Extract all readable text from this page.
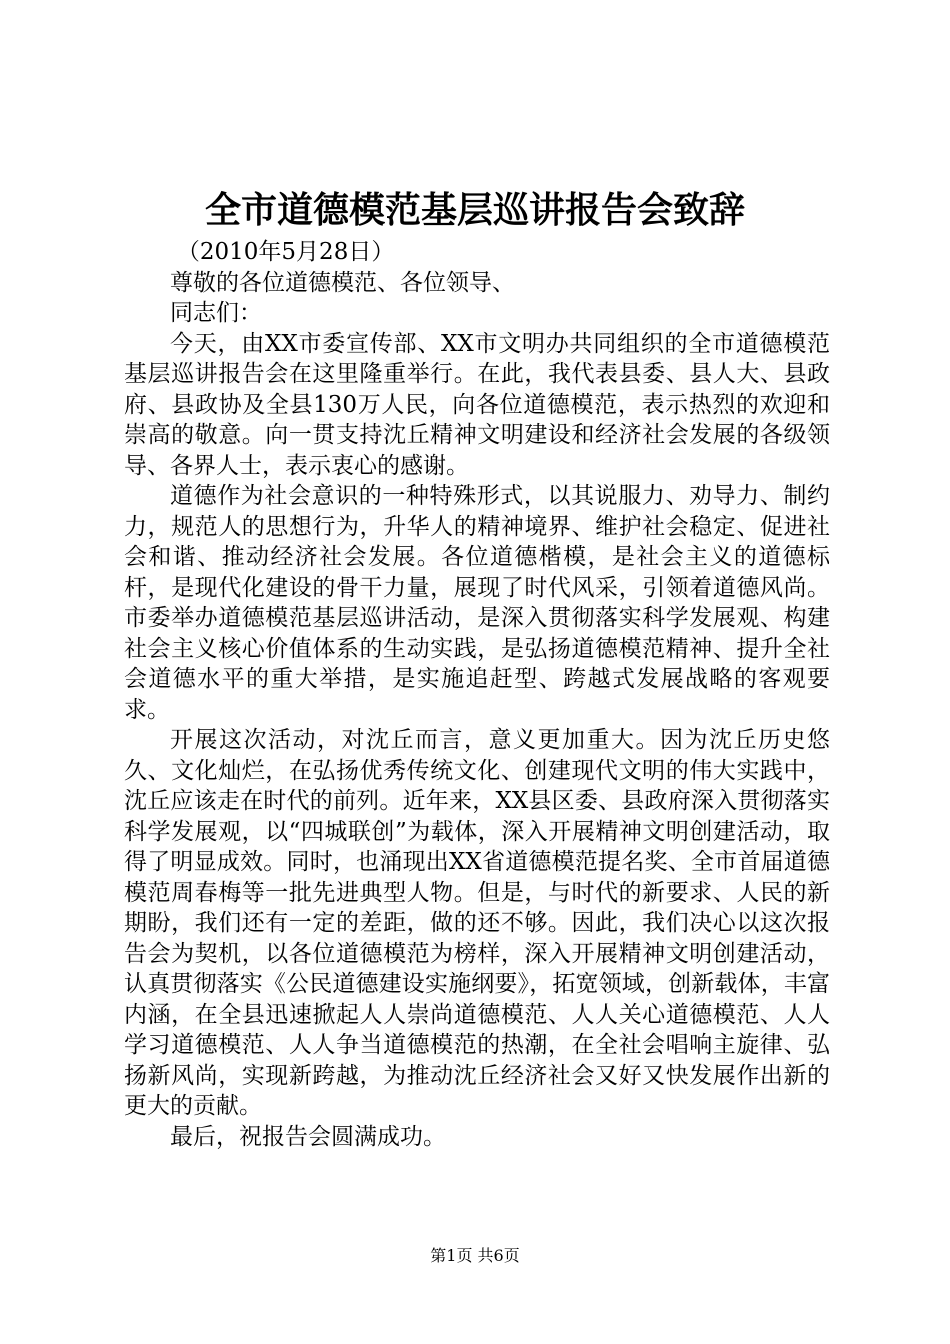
全市道德模范基层巡讲报告会致辞

（2010年5月28日）

尊敬的各位道德模范、各位领导、

同志们：

今天，由XX市委宣传部、XX市文明办共同组织的全市道德模范基层巡讲报告会在这里隆重举行。在此，我代表县委、县人大、县政府、县政协及全县130万人民，向各位道德模范，表示热烈的欢迎和崇高的敬意。向一贯支持沈丘精神文明建设和经济社会发展的各级领导、各界人士，表示衷心的感谢。

道德作为社会意识的一种特殊形式，以其说服力、劝导力、制约力，规范人的思想行为，升华人的精神境界、维护社会稳定、促进社会和谐、推动经济社会发展。各位道德楷模，是社会主义的道德标杆，是现代化建设的骨干力量，展现了时代风采，引领着道德风尚。市委举办道德模范基层巡讲活动，是深入贯彻落实科学发展观、构建社会主义核心价值体系的生动实践，是弘扬道德模范精神、提升全社会道德水平的重大举措，是实施追赶型、跨越式发展战略的客观要求。

开展这次活动，对沈丘而言，意义更加重大。因为沈丘历史悠久、文化灿烂，在弘扬优秀传统文化、创建现代文明的伟大实践中，沈丘应该走在时代的前列。近年来，XX县区委、县政府深入贯彻落实科学发展观，以“四城联创”为载体，深入开展精神文明创建活动，取得了明显成效。同时，也涌现出XX省道德模范提名奖、全市首届道德模范周春梅等一批先进典型人物。但是，与时代的新要求、人民的新期盼，我们还有一定的差距，做的还不够。因此，我们决心以这次报告会为契机，以各位道德模范为榜样，深入开展精神文明创建活动，认真贯彻落实《公民道德建设实施纲要》，拓宽领域，创新载体，丰富内涵，在全县迅速掀起人人崇尚道德模范、人人关心道德模范、人人学习道德模范、人人争当道德模范的热潮，在全社会唱响主旋律、弘扬新风尚，实现新跨越，为推动沈丘经济社会又好又快发展作出新的更大的贡献。

最后，祝报告会圆满成功。

第1页 共6页
